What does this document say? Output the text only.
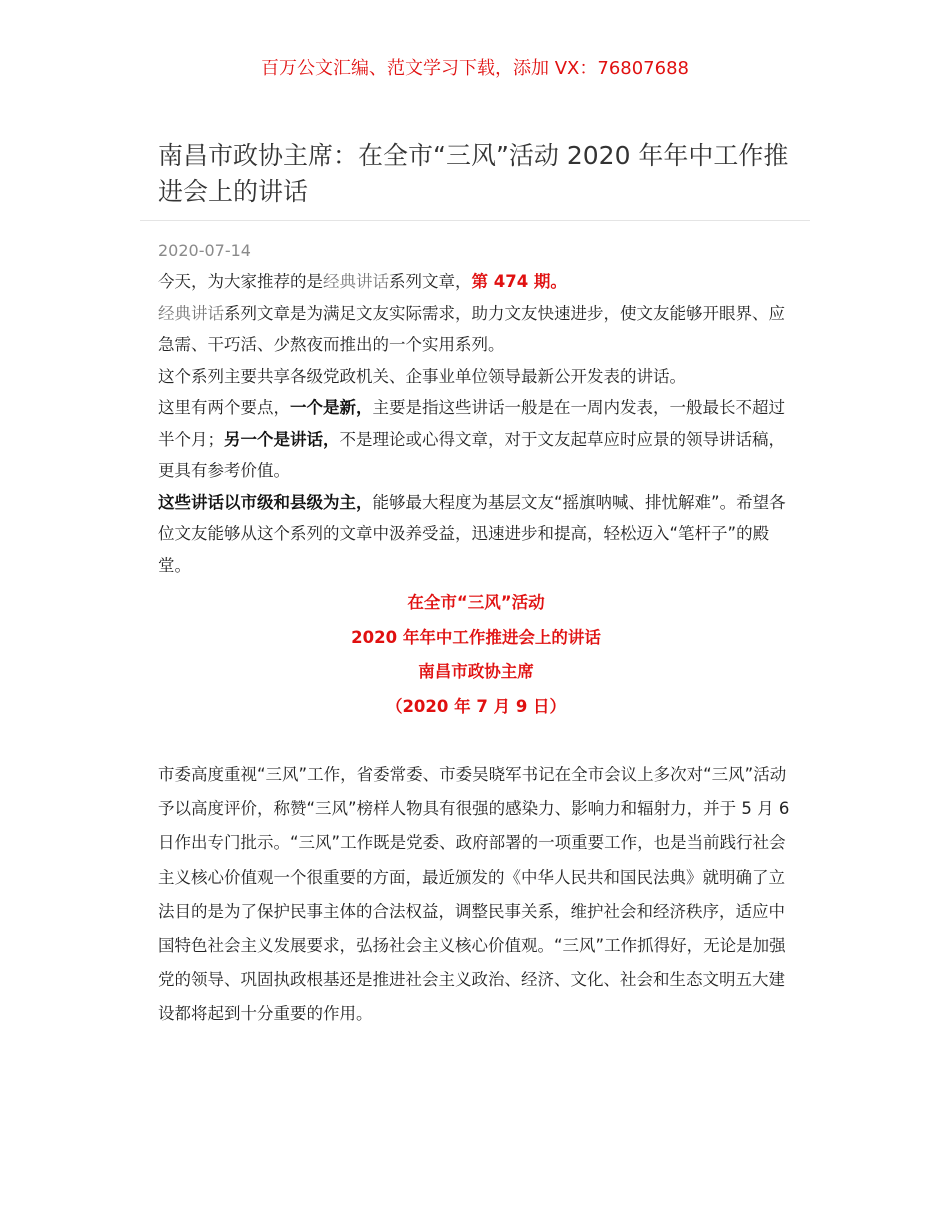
百万公文汇编、范文学习下载，添加 VX：76807688
南昌市政协主席：在全市“三风”活动 2020 年年中工作推进会上的讲话
2020-07-14

今天，为大家推荐的是经典讲话系列文章，第 474 期。

经典讲话系列文章是为满足文友实际需求，助力文友快速进步，使文友能够开眼界、应急需、干巧活、少熬夜而推出的一个实用系列。

这个系列主要共享各级党政机关、企事业单位领导最新公开发表的讲话。

这里有两个要点，一个是新，主要是指这些讲话一般是在一周内发表，一般最长不超过半个月；另一个是讲话，不是理论或心得文章，对于文友起草应时应景的领导讲话稿，更具有参考价值。

这些讲话以市级和县级为主，能够最大程度为基层文友“摇旗呐喊、排忧解难”。希望各位文友能够从这个系列的文章中汲养受益，迅速进步和提高，轻松迈入“笔杆子”的殿堂。

在全市“三风”活动
2020 年年中工作推进会上的讲话
南昌市政协主席
（2020 年 7 月 9 日）

市委高度重视“三风”工作，省委常委、市委吴晓军书记在全市会议上多次对“三风”活动予以高度评价，称赞“三风”榜样人物具有很强的感染力、影响力和辐射力，并于 5 月 6 日作出专门批示。“三风”工作既是党委、政府部署的一项重要工作，也是当前践行社会主义核心价值观一个很重要的方面，最近颁发的《中华人民共和国民法典》就明确了立法目的是为了保护民事主体的合法权益，调整民事关系，维护社会和经济秩序，适应中国特色社会主义发展要求，弘扬社会主义核心价值观。“三风”工作抓得好，无论是加强党的领导、巩固执政根基还是推进社会主义政治、经济、文化、社会和生态文明五大建设都将起到十分重要的作用。
